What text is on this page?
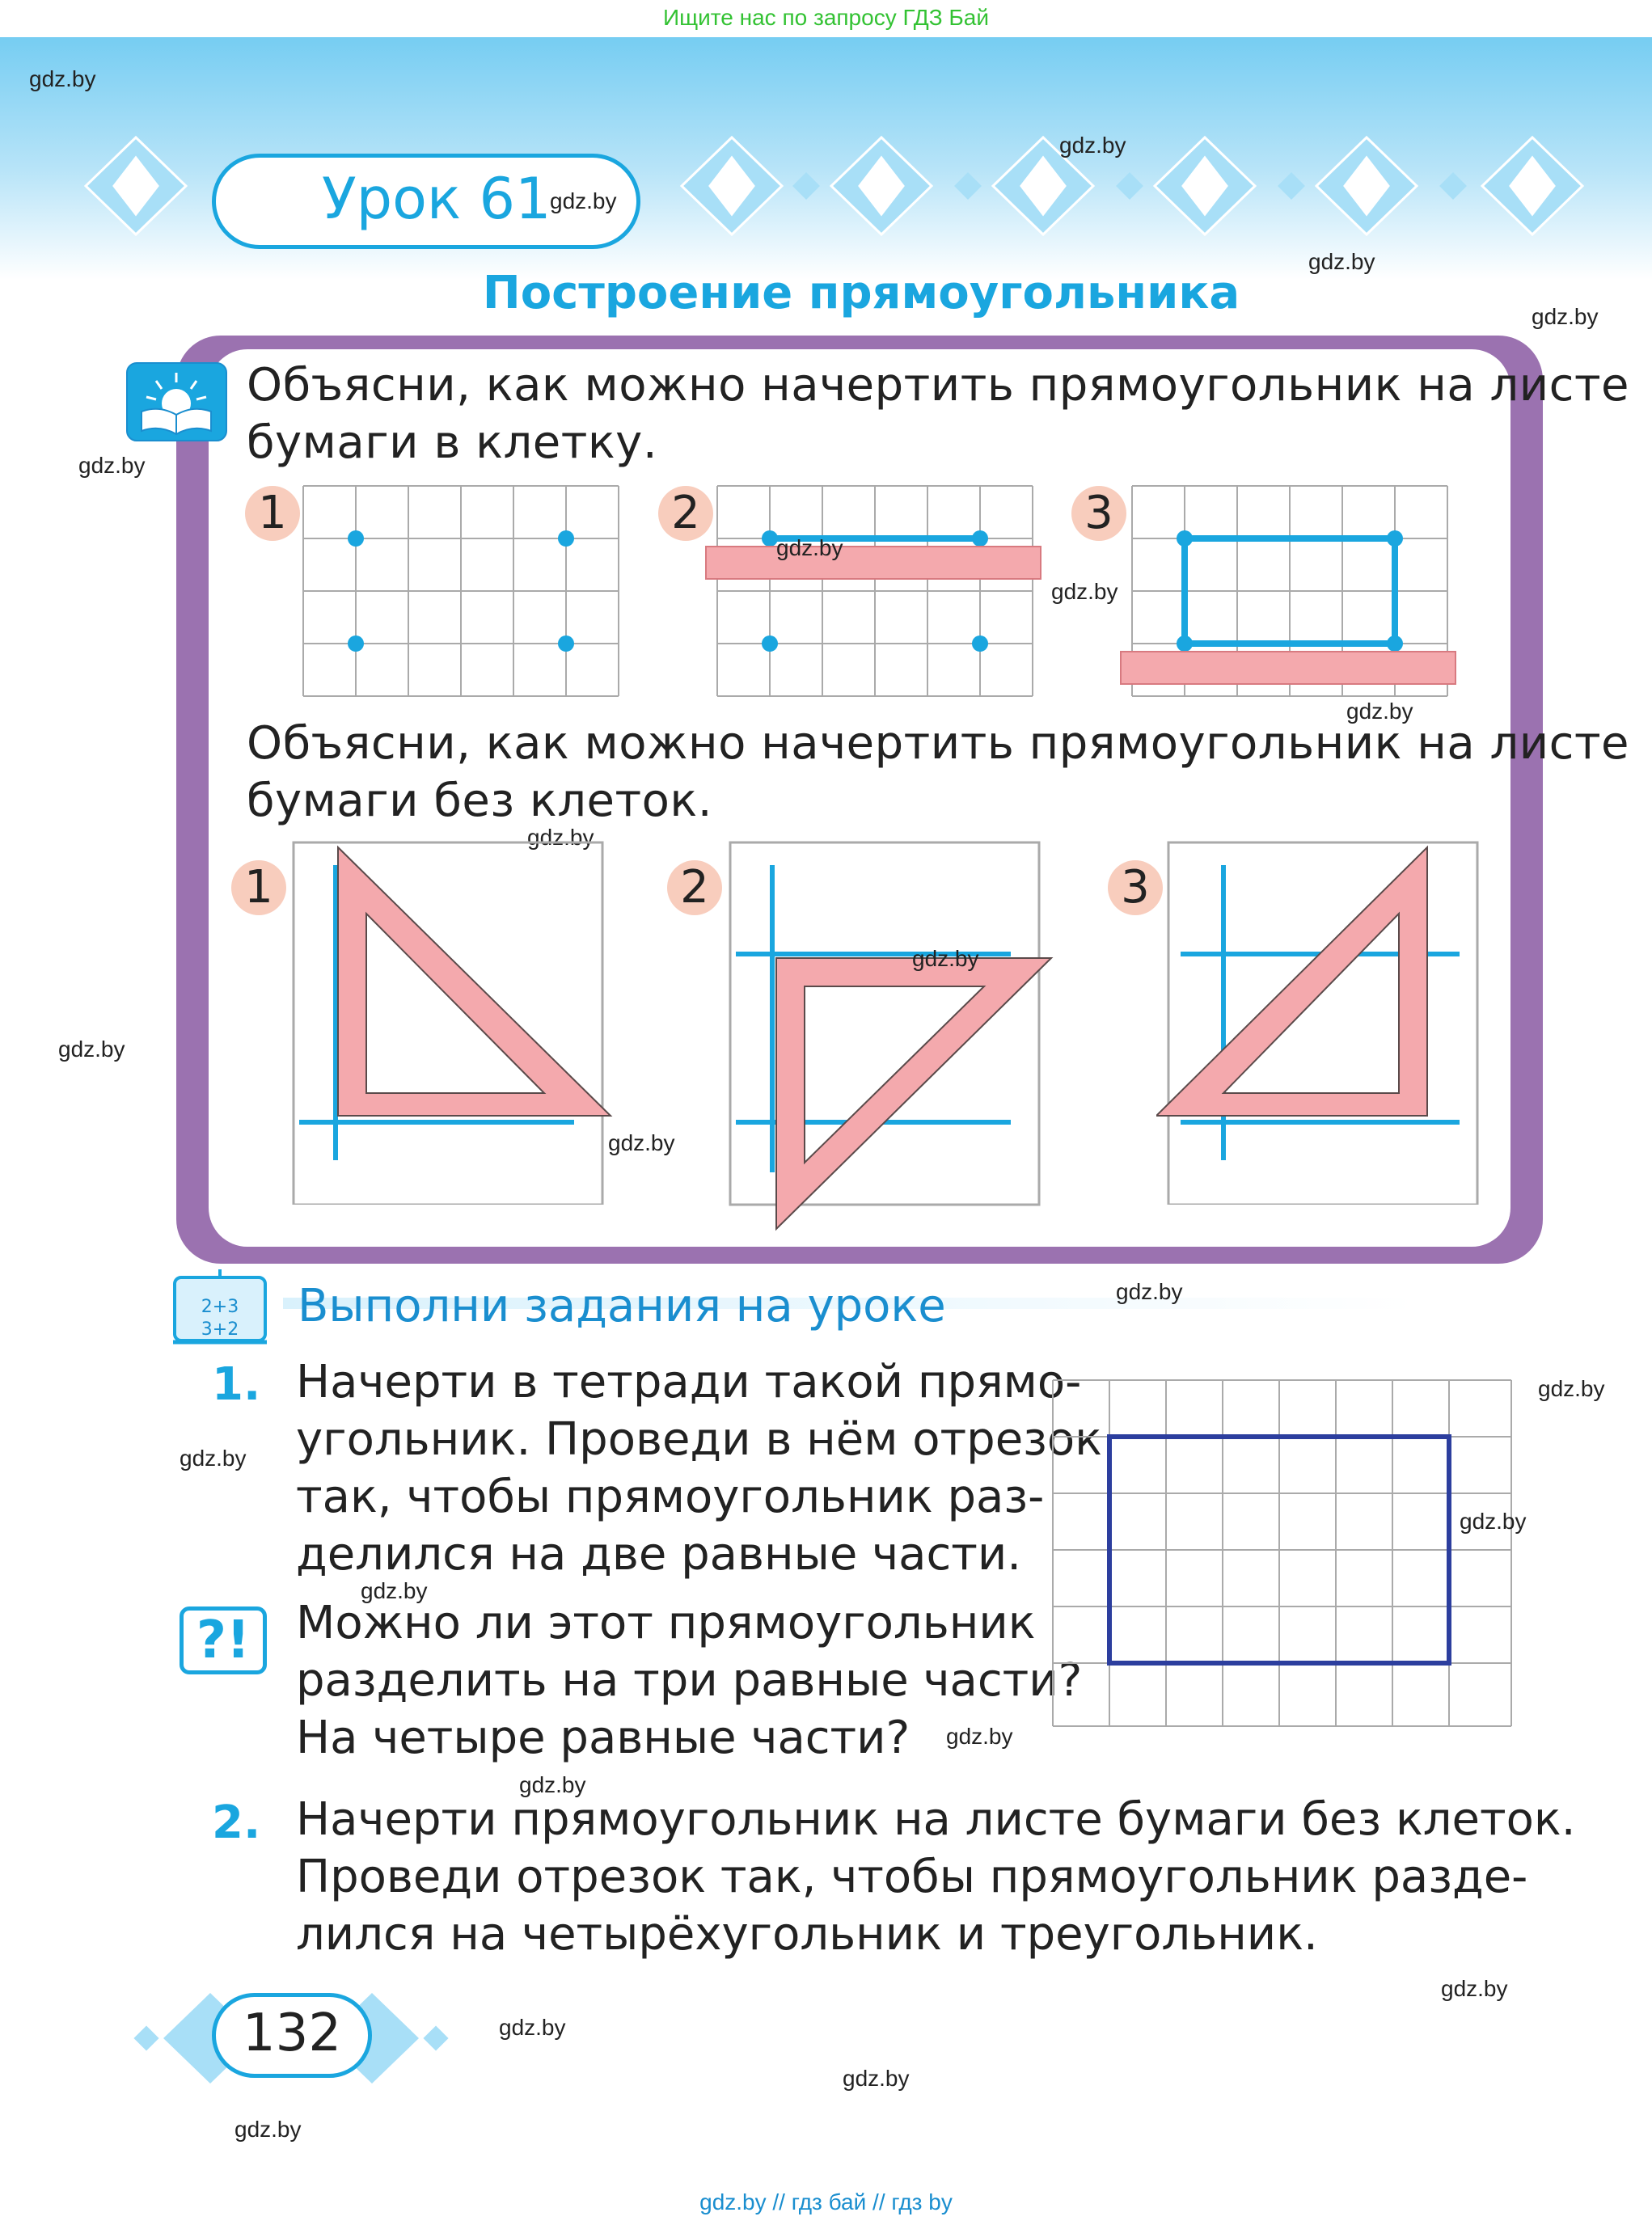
Ищите нас по запросу ГДЗ Бай
gdz.by
gdz.by
gdz.by
gdz.by
gdz.by
Урок 61
gdz.by
Построение прямоугольника
Объясни, как можно начертить прямоугольник на листе
бумаги в клетку.
1	2	3
gdz.by
gdz.by
gdz.by
Объясни, как можно начертить прямоугольник на листе
бумаги без клеток.
gdz.by
1	2	3
gdz.by
gdz.by
gdz.by
2+3
3+2	Выполни задания на уроке	gdz.by
1. Начерти в тетради такой прямо-
угольник. Проведи в нём отрезок
так, чтобы прямоугольник раз-
делился на две равные части.
gdz.by
gdz.by
?!	Можно ли этот прямоугольник
разделить на три равные части?
На четыре равные части? gdz.by
gdz.by
gdz.by
gdz.by
2. Начерти прямоугольник на листе бумаги без клеток.
Проведи отрезок так, чтобы прямоугольник разде-
лился на четырёхугольник и треугольник.
gdz.by
132	gdz.by
gdz.by
gdz.by
gdz.by // гдз бай // гдз by
